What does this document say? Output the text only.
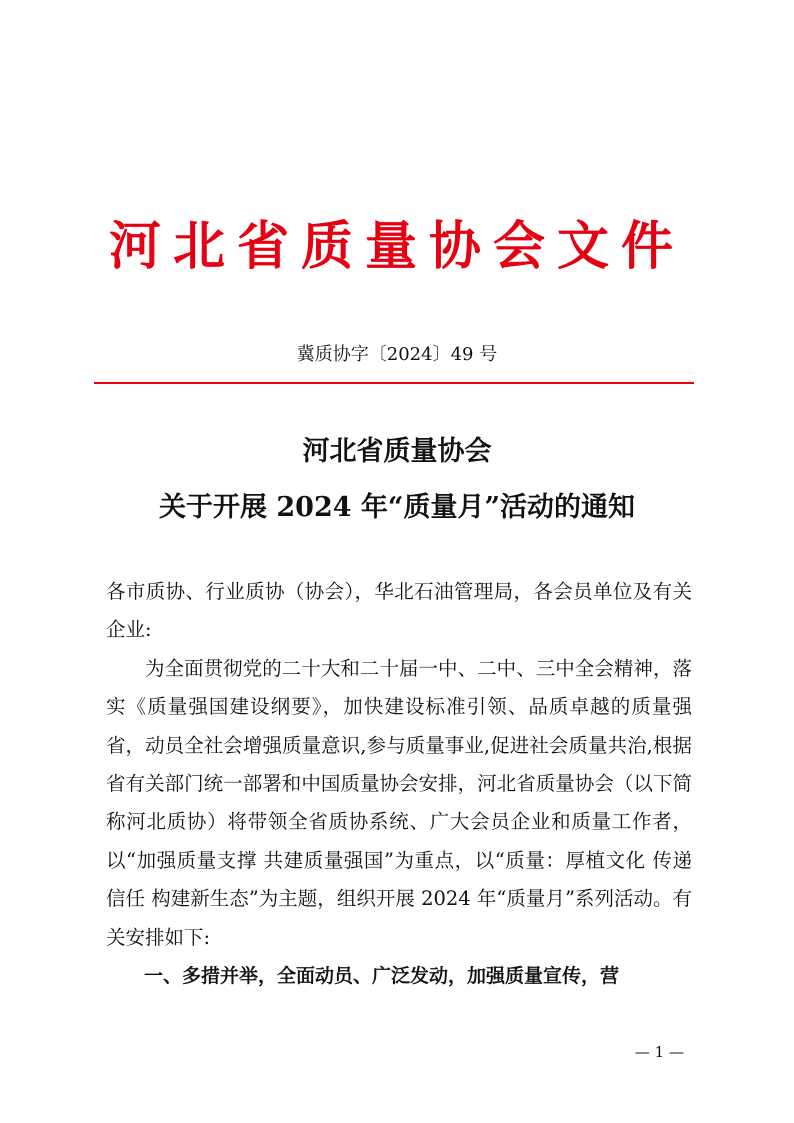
河北省质量协会文件
冀质协字〔2024〕49 号
河北省质量协会
关于开展 2024 年“质量月”活动的通知

各市质协、行业质协（协会），华北石油管理局，各会员单位及有关企业:

为全面贯彻党的二十大和二十届一中、二中、三中全会精神，落实《质量强国建设纲要》，加快建设标准引领、品质卓越的质量强省，动员全社会增强质量意识,参与质量事业,促进社会质量共治,根据省有关部门统一部署和中国质量协会安排，河北省质量协会（以下简称河北质协）将带领全省质协系统、广大会员企业和质量工作者，以“加强质量支撑 共建质量强国”为重点，以“质量：厚植文化 传递信任 构建新生态”为主题，组织开展 2024 年“质量月”系列活动。有关安排如下:

一、多措并举，全面动员、广泛发动，加强质量宣传，营
— 1 —
